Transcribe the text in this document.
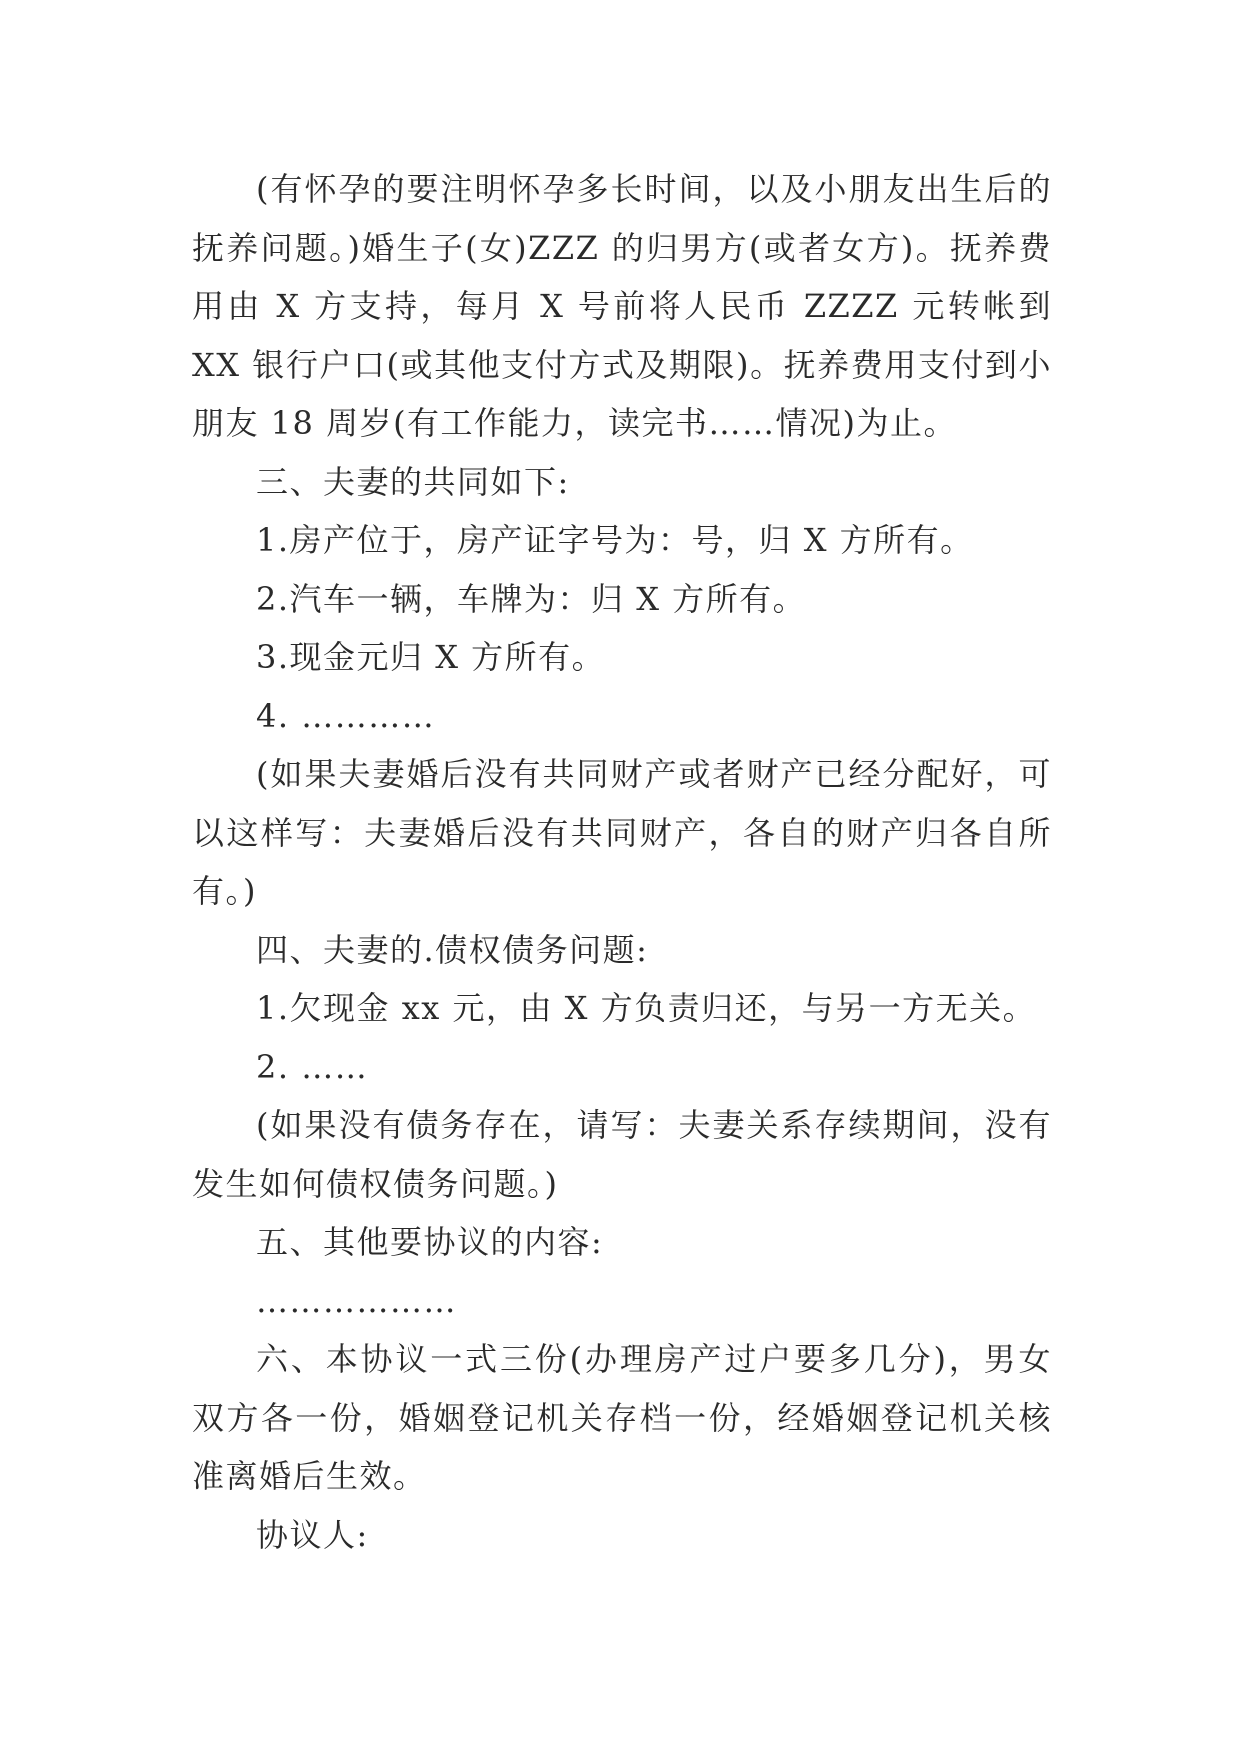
(有怀孕的要注明怀孕多长时间，以及小朋友出生后的抚养问题。)婚生子(女)ZZZ 的归男方(或者女方)。抚养费用由 X 方支持，每月 X 号前将人民币 ZZZZ 元转帐到 XX 银行户口(或其他支付方式及期限)。抚养费用支付到小朋友 18 周岁(有工作能力，读完书……情况)为止。

三、夫妻的共同如下:

1.房产位于，房产证字号为：号，归 X 方所有。

2.汽车一辆，车牌为：归 X 方所有。

3.现金元归 X 方所有。

4. …………

(如果夫妻婚后没有共同财产或者财产已经分配好，可以这样写：夫妻婚后没有共同财产，各自的财产归各自所有。)

四、夫妻的.债权债务问题:

1.欠现金 xx 元，由 X 方负责归还，与另一方无关。

2. ……

(如果没有债务存在，请写：夫妻关系存续期间，没有发生如何债权债务问题。)

五、其他要协议的内容:

………………

六、本协议一式三份(办理房产过户要多几分)，男女双方各一份，婚姻登记机关存档一份，经婚姻登记机关核准离婚后生效。

协议人:
